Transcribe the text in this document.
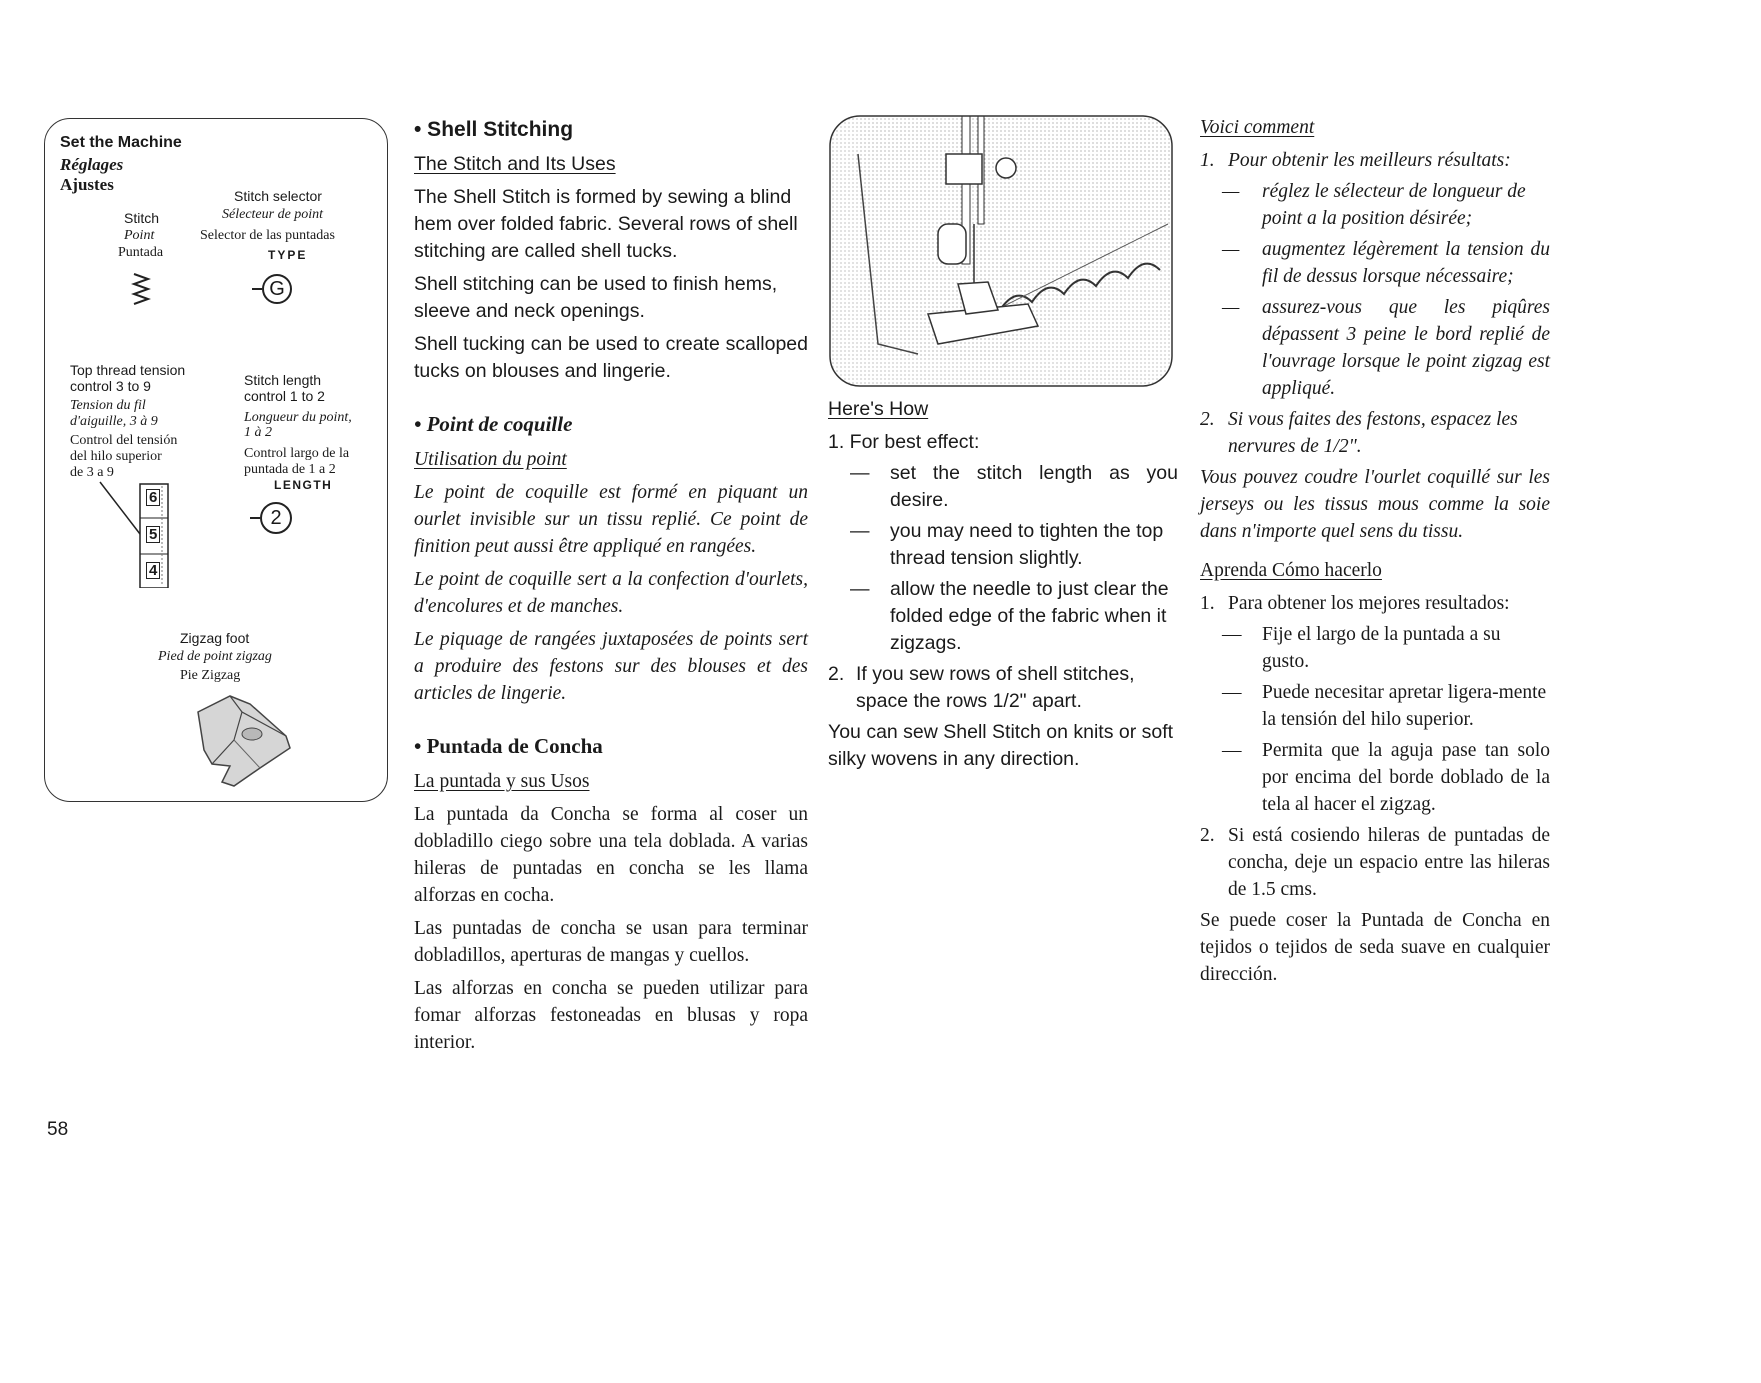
Set the Machine
Réglages
Ajustes
Stitch
Point
Puntada
Stitch selector
Sélecteur de point
Selector de las puntadas
TYPE
G
Top thread tension
control 3 to 9
Tension du fil
d'aiguille, 3 à 9
Control del tensión
del hilo superior
de 3 a 9
Stitch length
control 1 to 2
Longueur du point,
1 à 2
Control largo de la
puntada de 1 a 2
LENGTH
6
5
4
2
Zigzag foot
Pied de point zigzag
Pie Zigzag
58
• Shell Stitching
The Stitch and Its Uses

The Shell Stitch is formed by sewing a blind hem over folded fabric. Several rows of shell stitching are called shell tucks.

Shell stitching can be used to finish hems, sleeve and neck openings.

Shell tucking can be used to create scalloped tucks on blouses and lingerie.

• Point de coquille
Utilisation du point

Le point de coquille est formé en piquant un ourlet invisible sur un tissu replié. Ce point de finition peut aussi être appliqué en rangées.

Le point de coquille sert a la confection d'ourlets, d'encolures et de manches.

Le piquage de rangées juxtaposées de points sert a produire des festons sur des blouses et des articles de lingerie.

• Puntada de Concha
La puntada y sus Usos

La puntada da Concha se forma al coser un dobladillo ciego sobre una tela doblada. A varias hileras de puntadas en concha se les llama alforzas en cocha.

Las puntadas de concha se usan para terminar dobladillos, aperturas de mangas y cuellos.

Las alforzas en concha se pueden utilizar para fomar alforzas festoneadas en blusas y ropa interior.

Here's How
1. For best effect:
—	set the stitch length as you desire.
—	you may need to tighten the top thread tension slightly.
—	allow the needle to just clear the folded edge of the fabric when it zigzags.
2. If you sew rows of shell stitches, space the rows 1/2" apart.
You can sew Shell Stitch on knits or soft silky wovens in any direction.
Voici comment
1. Pour obtenir les meilleurs résultats:
—	réglez le sélecteur de longueur de point a la position désirée;
—	augmentez légèrement la tension du fil de dessus lorsque nécessaire;
—	assurez-vous que les piqûres dépassent 3 peine le bord replié de l'ouvrage lorsque le point zigzag est appliqué.
2. Si vous faites des festons, espacez les nervures de 1/2".
Vous pouvez coudre l'ourlet coquillé sur les jerseys ou les tissus mous comme la soie dans n'importe quel sens du tissu.
Aprenda Cómo hacerlo
1. Para obtener los mejores resultados:
—	Fije el largo de la puntada a su gusto.
—	Puede necesitar apretar ligera-mente la tensión del hilo superior.
—	Permita que la aguja pase tan solo por encima del borde doblado de la tela al hacer el zigzag.
2. Si está cosiendo hileras de puntadas de concha, deje un espacio entre las hileras de 1.5 cms.
Se puede coser la Puntada de Concha en tejidos o tejidos de seda suave en cualquier dirección.
